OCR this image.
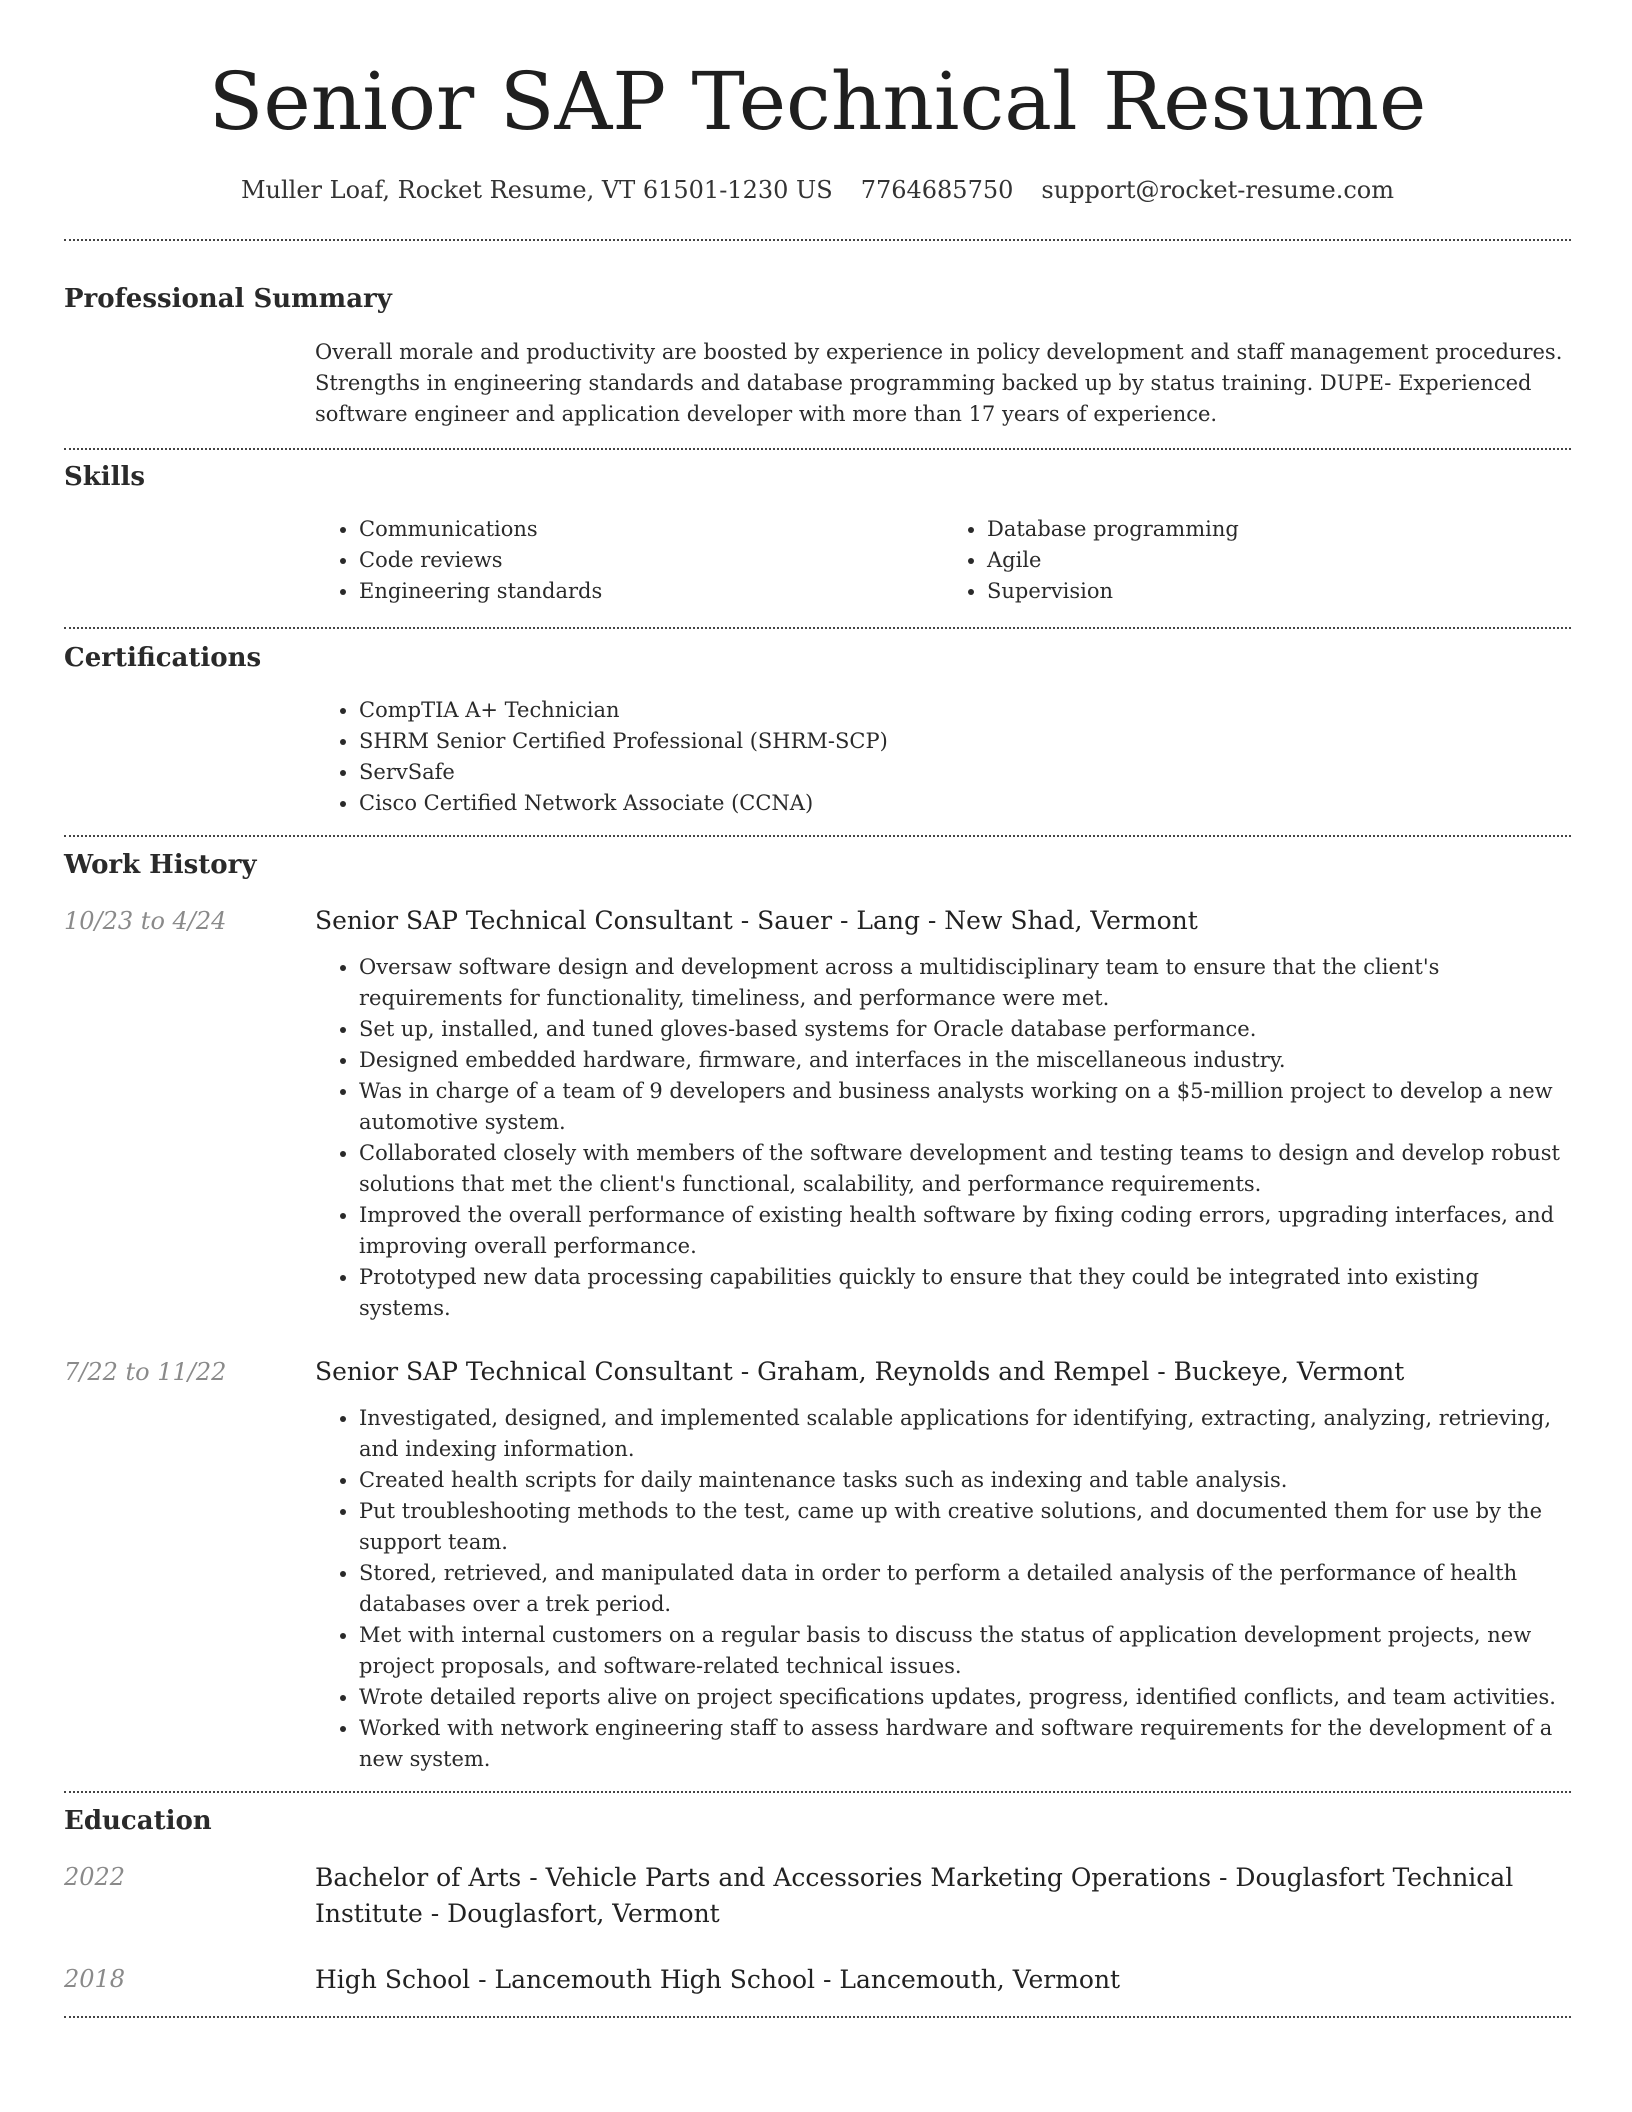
Senior SAP Technical Resume
Muller Loaf, Rocket Resume, VT 61501-1230 US 7764685750 support@rocket-resume.com
Professional Summary
Overall morale and productivity are boosted by experience in policy development and staff management procedures. Strengths in engineering standards and database programming backed up by status training. DUPE- Experienced software engineer and application developer with more than 17 years of experience.
Skills
• Communications
• Code reviews
• Engineering standards
• Database programming
• Agile
• Supervision
Certifications
• CompTIA A+ Technician
• SHRM Senior Certified Professional (SHRM-SCP)
• ServSafe
• Cisco Certified Network Associate (CCNA)
Work History
10/23 to 4/24	Senior SAP Technical Consultant - Sauer - Lang - New Shad, Vermont
• Oversaw software design and development across a multidisciplinary team to ensure that the client's requirements for functionality, timeliness, and performance were met.
• Set up, installed, and tuned gloves-based systems for Oracle database performance.
• Designed embedded hardware, firmware, and interfaces in the miscellaneous industry.
• Was in charge of a team of 9 developers and business analysts working on a $5-million project to develop a new automotive system.
• Collaborated closely with members of the software development and testing teams to design and develop robust solutions that met the client's functional, scalability, and performance requirements.
• Improved the overall performance of existing health software by fixing coding errors, upgrading interfaces, and improving overall performance.
• Prototyped new data processing capabilities quickly to ensure that they could be integrated into existing systems.
7/22 to 11/22	Senior SAP Technical Consultant - Graham, Reynolds and Rempel - Buckeye, Vermont
• Investigated, designed, and implemented scalable applications for identifying, extracting, analyzing, retrieving, and indexing information.
• Created health scripts for daily maintenance tasks such as indexing and table analysis.
• Put troubleshooting methods to the test, came up with creative solutions, and documented them for use by the support team.
• Stored, retrieved, and manipulated data in order to perform a detailed analysis of the performance of health databases over a trek period.
• Met with internal customers on a regular basis to discuss the status of application development projects, new project proposals, and software-related technical issues.
• Wrote detailed reports alive on project specifications updates, progress, identified conflicts, and team activities.
• Worked with network engineering staff to assess hardware and software requirements for the development of a new system.
Education
2022	Bachelor of Arts - Vehicle Parts and Accessories Marketing Operations - Douglasfort Technical Institute - Douglasfort, Vermont
2018	High School - Lancemouth High School - Lancemouth, Vermont
